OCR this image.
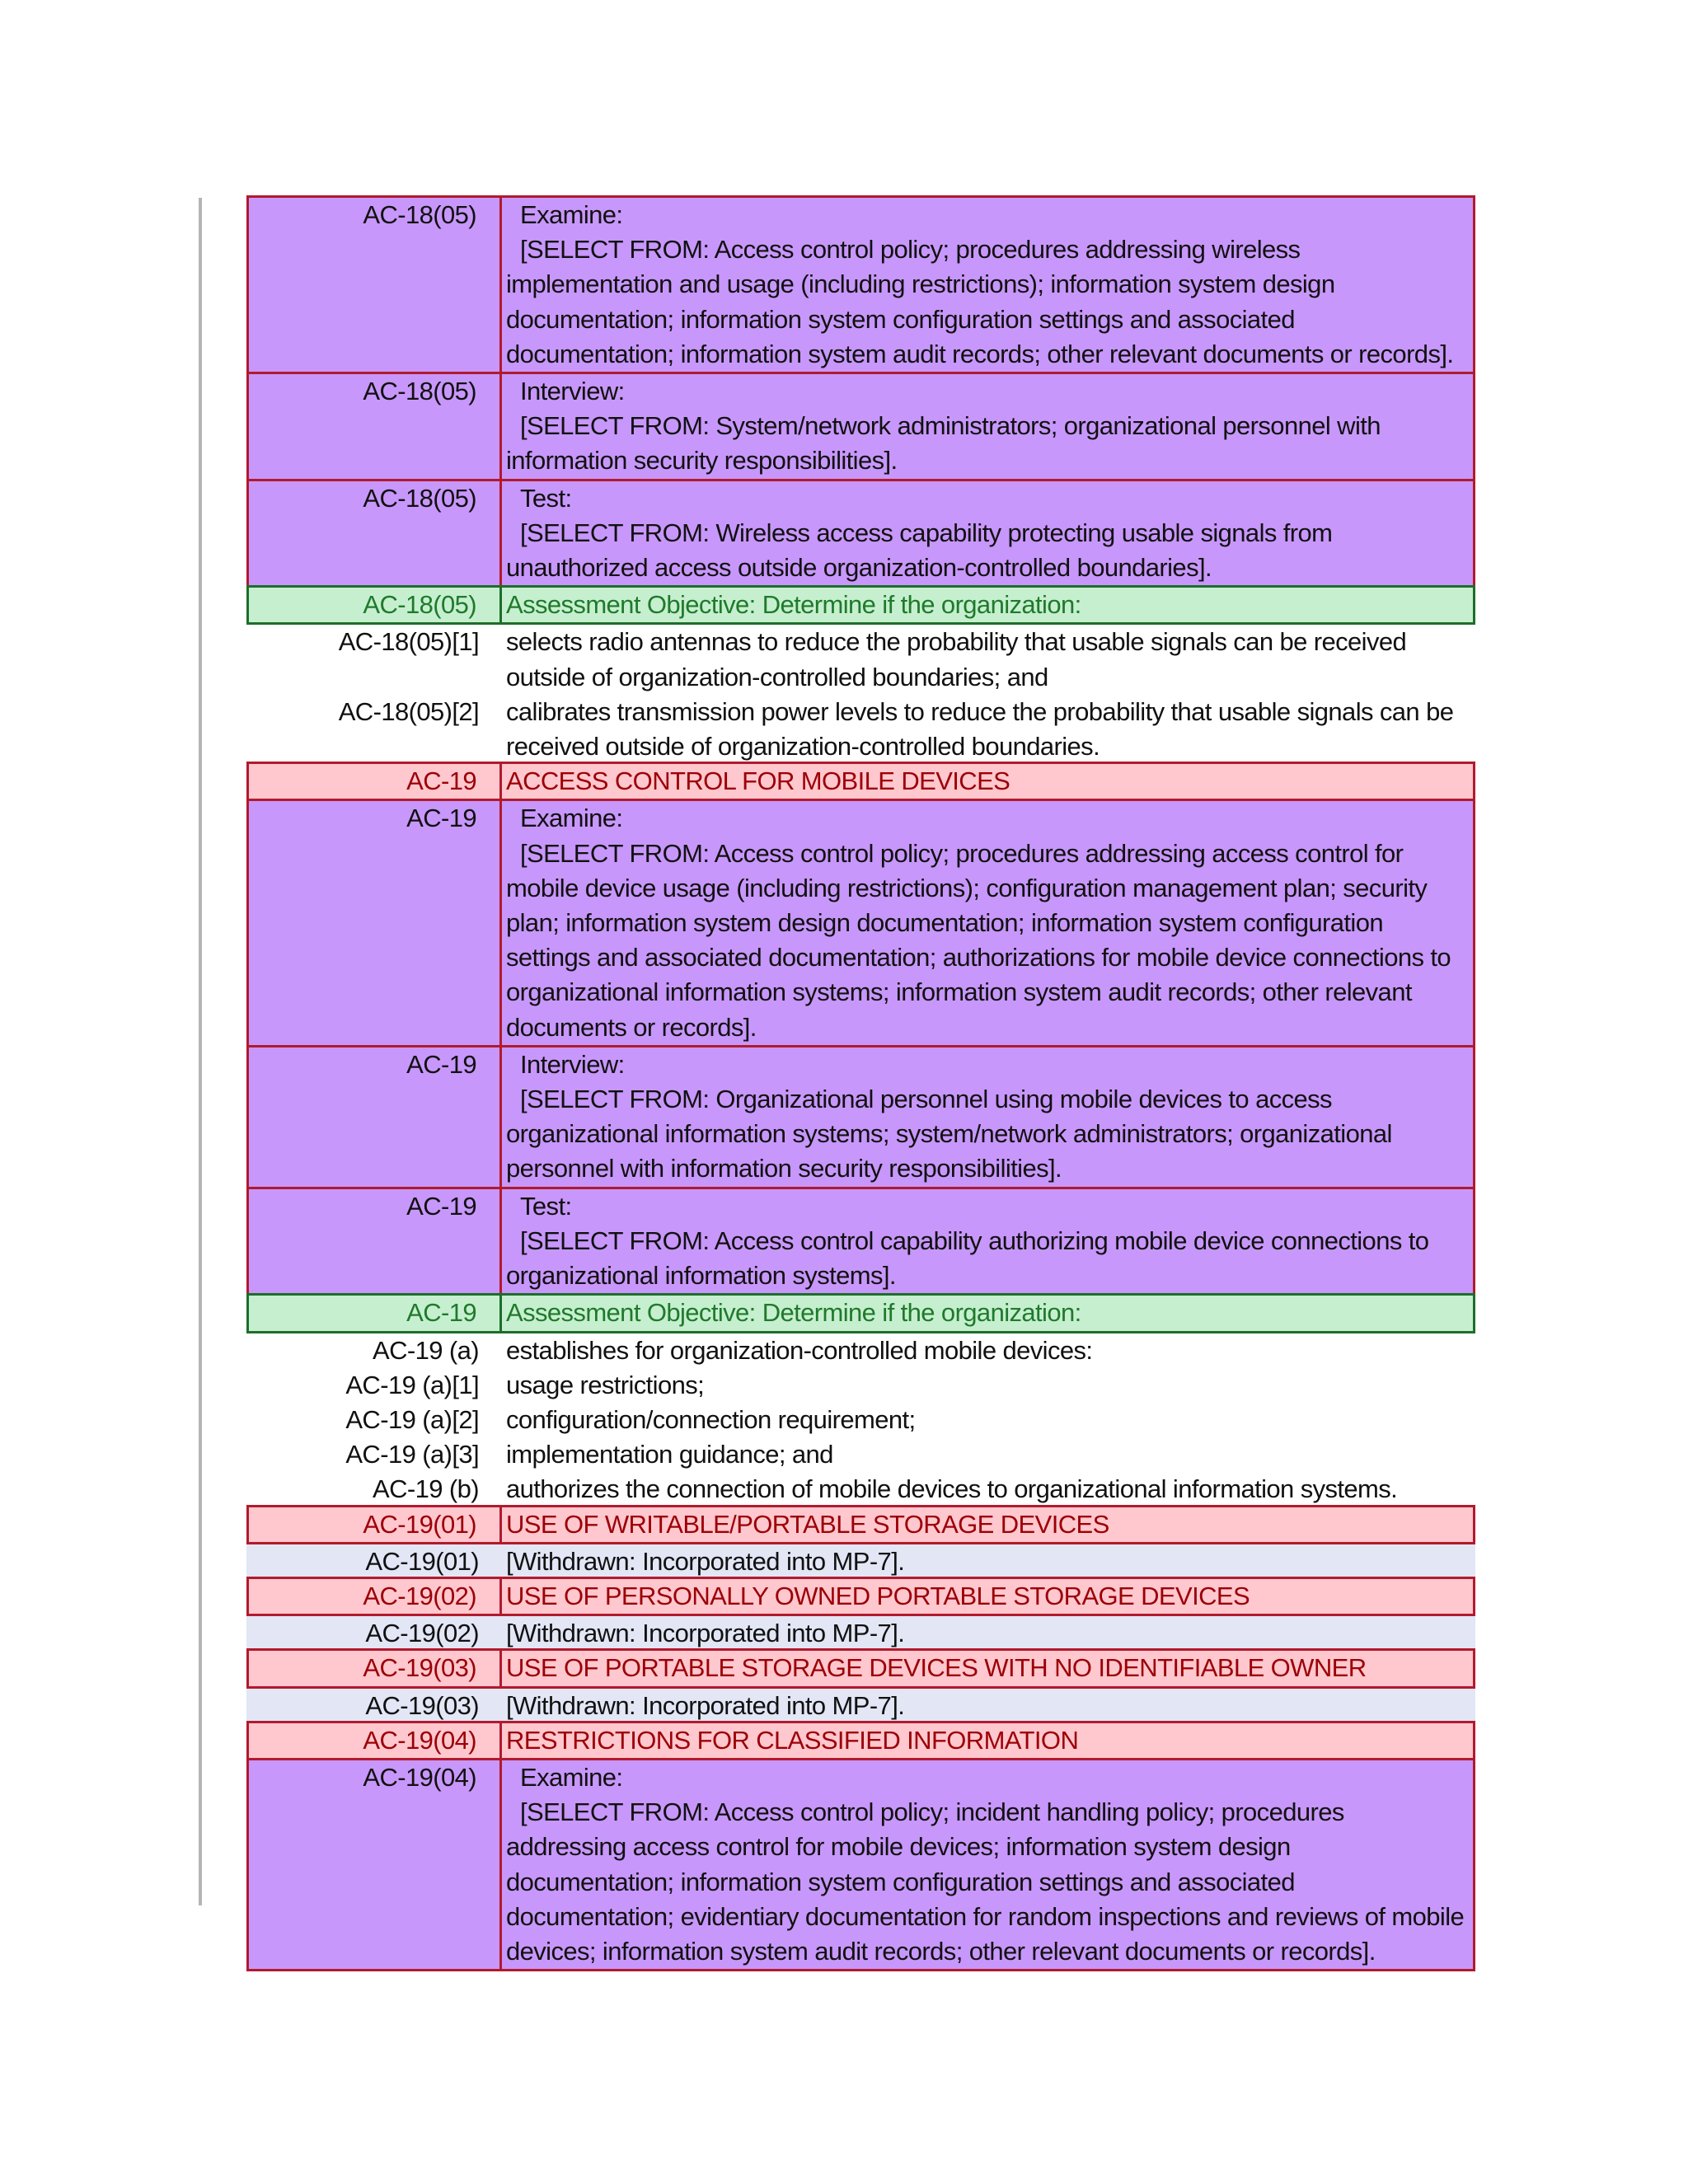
AC-18(05)	Examine:
[SELECT FROM: Access control policy; procedures addressing wireless implementation and usage (including restrictions); information system design documentation; information system configuration settings and associated documentation; information system audit records; other relevant documents or records].
AC-18(05)	Interview:
[SELECT FROM: System/network administrators; organizational personnel with information security responsibilities].
AC-18(05)	Test:
[SELECT FROM: Wireless access capability protecting usable signals from unauthorized access outside organization-controlled boundaries].
AC-18(05)	Assessment Objective: Determine if the organization:
AC-18(05)[1]	selects radio antennas to reduce the probability that usable signals can be received outside of organization-controlled boundaries; and
AC-18(05)[2]	calibrates transmission power levels to reduce the probability that usable signals can be received outside of organization-controlled boundaries.
AC-19	ACCESS CONTROL FOR MOBILE DEVICES
AC-19	Examine:
[SELECT FROM: Access control policy; procedures addressing access control for mobile device usage (including restrictions); configuration management plan; security plan; information system design documentation; information system configuration settings and associated documentation; authorizations for mobile device connections to organizational information systems; information system audit records; other relevant documents or records].
AC-19	Interview:
[SELECT FROM: Organizational personnel using mobile devices to access organizational information systems; system/network administrators; organizational personnel with information security responsibilities].
AC-19	Test:
[SELECT FROM: Access control capability authorizing mobile device connections to organizational information systems].
AC-19	Assessment Objective: Determine if the organization:
AC-19 (a)	establishes for organization-controlled mobile devices:
AC-19 (a)[1]	usage restrictions;
AC-19 (a)[2]	configuration/connection requirement;
AC-19 (a)[3]	implementation guidance; and
AC-19 (b)	authorizes the connection of mobile devices to organizational information systems.
AC-19(01)	USE OF WRITABLE/PORTABLE STORAGE DEVICES
AC-19(01)	[Withdrawn: Incorporated into MP-7].
AC-19(02)	USE OF PERSONALLY OWNED PORTABLE STORAGE DEVICES
AC-19(02)	[Withdrawn: Incorporated into MP-7].
AC-19(03)	USE OF PORTABLE STORAGE DEVICES WITH NO IDENTIFIABLE OWNER
AC-19(03)	[Withdrawn: Incorporated into MP-7].
AC-19(04)	RESTRICTIONS FOR CLASSIFIED INFORMATION
AC-19(04)	Examine:
[SELECT FROM: Access control policy; incident handling policy; procedures addressing access control for mobile devices; information system design documentation; information system configuration settings and associated documentation; evidentiary documentation for random inspections and reviews of mobile devices; information system audit records; other relevant documents or records].
